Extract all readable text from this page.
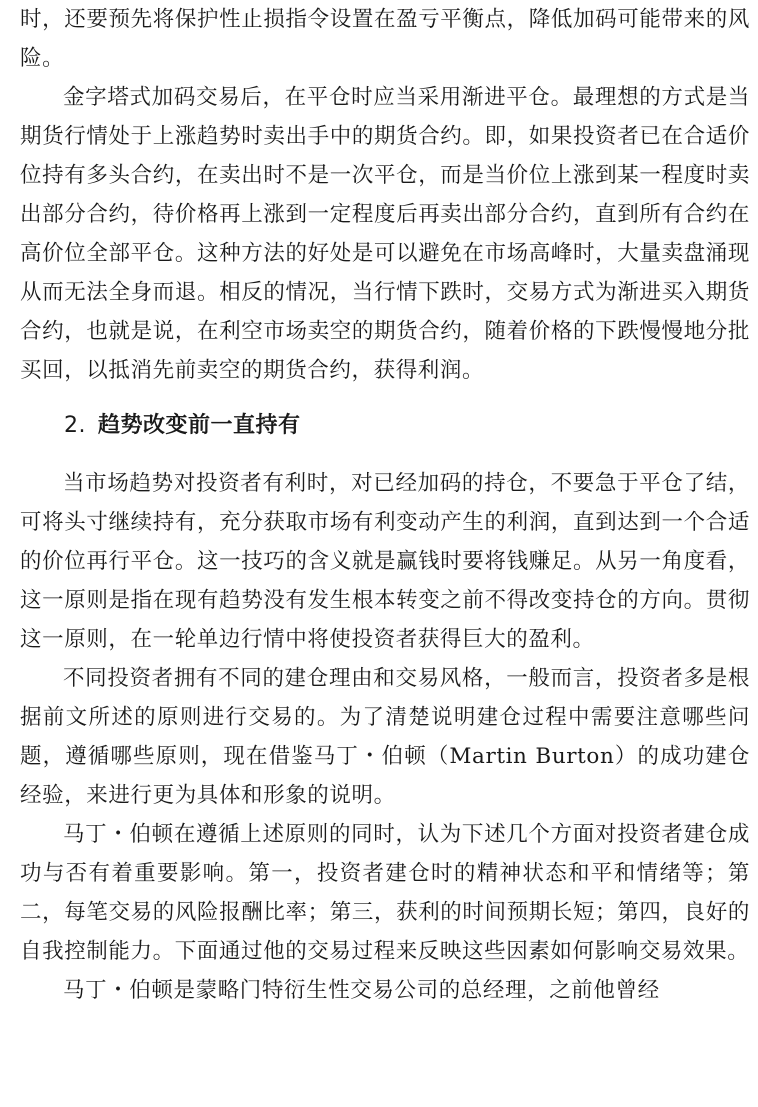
时，还要预先将保护性止损指令设置在盈亏平衡点，降低加码可能带来的风险。

金字塔式加码交易后，在平仓时应当采用渐进平仓。最理想的方式是当期货行情处于上涨趋势时卖出手中的期货合约。即，如果投资者已在合适价位持有多头合约，在卖出时不是一次平仓，而是当价位上涨到某一程度时卖出部分合约，待价格再上涨到一定程度后再卖出部分合约，直到所有合约在高价位全部平仓。这种方法的好处是可以避免在市场高峰时，大量卖盘涌现从而无法全身而退。相反的情况，当行情下跌时，交易方式为渐进买入期货合约，也就是说，在利空市场卖空的期货合约，随着价格的下跌慢慢地分批买回，以抵消先前卖空的期货合约，获得利润。

2. 趋势改变前一直持有

当市场趋势对投资者有利时，对已经加码的持仓，不要急于平仓了结，可将头寸继续持有，充分获取市场有利变动产生的利润，直到达到一个合适的价位再行平仓。这一技巧的含义就是赢钱时要将钱赚足。从另一角度看，这一原则是指在现有趋势没有发生根本转变之前不得改变持仓的方向。贯彻这一原则，在一轮单边行情中将使投资者获得巨大的盈利。

不同投资者拥有不同的建仓理由和交易风格，一般而言，投资者多是根据前文所述的原则进行交易的。为了清楚说明建仓过程中需要注意哪些问题，遵循哪些原则，现在借鉴马丁・伯顿（Martin Burton）的成功建仓经验，来进行更为具体和形象的说明。

马丁・伯顿在遵循上述原则的同时，认为下述几个方面对投资者建仓成功与否有着重要影响。第一，投资者建仓时的精神状态和平和情绪等；第二，每笔交易的风险报酬比率；第三，获利的时间预期长短；第四，良好的自我控制能力。下面通过他的交易过程来反映这些因素如何影响交易效果。

马丁・伯顿是蒙略门特衍生性交易公司的总经理，之前他曾经
